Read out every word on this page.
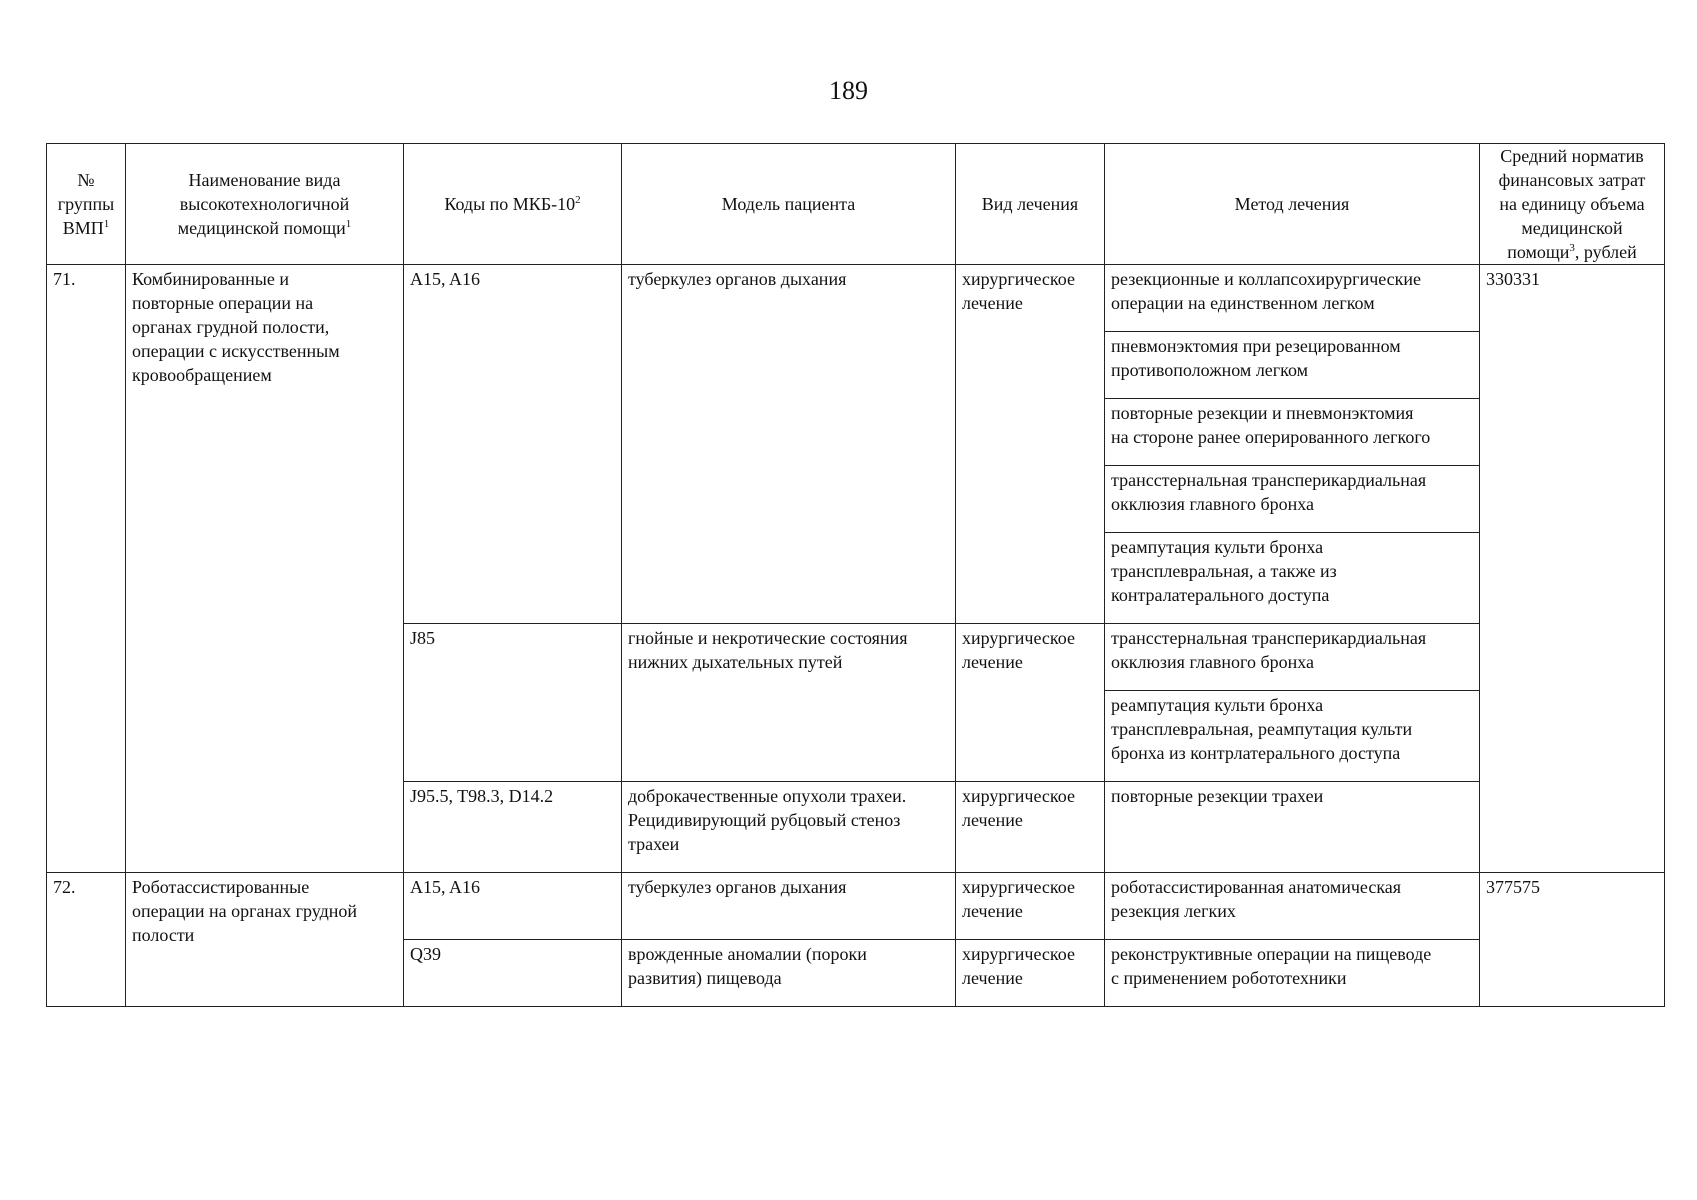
189
№
группы
ВМП$^1$	Наименование вида
высокотехнологичной
медицинской помощи$^1$	Коды по МКБ-$10^2$	Модель пациента	Вид лечения	Метод лечения	Средний норматив
финансовых затрат
на единицу объема
медицинской
помощи$^3$, рублей

71.	Комбинированные и
повторные операции на
органах грудной полости,
операции с искусственным
кровообращением	A15, A16	туберкулез органов дыхания	хирургическое
лечение	резекционные и коллапсохирургические
операции на единственном легком	330331

					пневмонэктомия при резецированном
противоположном легком	

					повторные резекции и пневмонэктомия
на стороне ранее оперированного легкого	

					трансстернальная трансперикардиальная
окклюзия главного бронха	

					реампутация культи бронха
трансплевральная, а также из
контралатерального доступа	

		J85	гнойные и некротические состояния
нижних дыхательных путей	хирургическое
лечение	трансстернальная трансперикардиальная
окклюзия главного бронха	

					реампутация культи бронха
трансплевральная, реампутация культи
бронха из контрлатерального доступа	

		J95.5, T98.3, D14.2	доброкачественные опухоли трахеи.
Рецидивирующий рубцовый стеноз
трахеи	хирургическое
лечение	повторные резекции трахеи	

72.	Роботассистированные
операции на органах грудной
полости	A15, A16	туберкулез органов дыхания	хирургическое
лечение	роботассистированная анатомическая
резекция легких	377575
		Q39	врожденные аномалии (пороки
развития) пищевода	хирургическое
лечение	реконструктивные операции на пищеводе
с применением робототехники	
